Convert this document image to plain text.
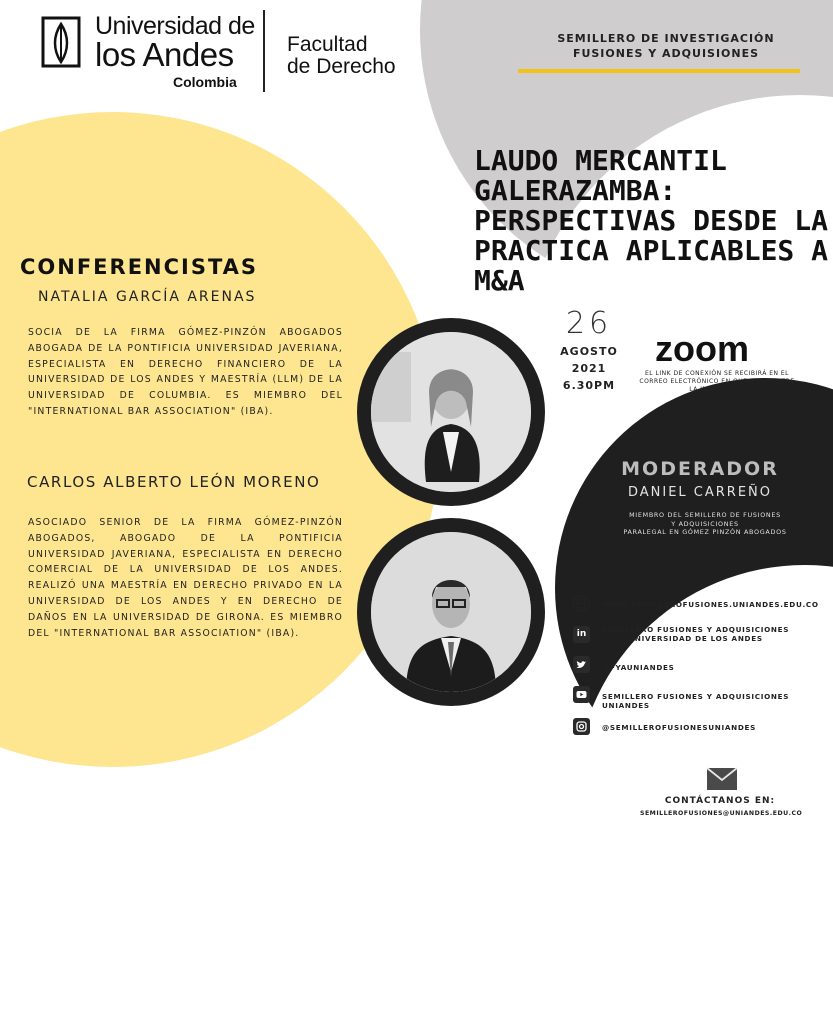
Universidad de
los Andes
Colombia
Facultad
de Derecho
SEMILLERO DE INVESTIGACIÓN
FUSIONES Y ADQUISIONES
LAUDO MERCANTIL
GALERAZAMBA:
PERSPECTIVAS DESDE LA
PRACTICA APLICABLES A
M&A
CONFERENCISTAS
NATALIA GARCÍA ARENAS
SOCIA DE LA FIRMA GÓMEZ-PINZÓN ABOGADOS ABOGADA DE LA PONTIFICIA UNIVERSIDAD JAVERIANA, ESPECIALISTA EN DERECHO FINANCIERO DE LA UNIVERSIDAD DE LOS ANDES Y MAESTRÍA (LLM) DE LA UNIVERSIDAD DE COLUMBIA. ES MIEMBRO DEL "INTERNATIONAL BAR ASSOCIATION" (IBA).
CARLOS ALBERTO LEÓN MORENO
ASOCIADO SENIOR DE LA FIRMA GÓMEZ-PINZÓN ABOGADOS, ABOGADO DE LA PONTIFICIA UNIVERSIDAD JAVERIANA, ESPECIALISTA EN DERECHO COMERCIAL DE LA UNIVERSIDAD DE LOS ANDES. REALIZÓ UNA MAESTRÍA EN DERECHO PRIVADO EN LA UNIVERSIDAD DE LOS ANDES Y EN DERECHO DE DAÑOS EN LA UNIVERSIDAD DE GIRONA. ES MIEMBRO DEL "INTERNATIONAL BAR ASSOCIATION" (IBA).
26
AGOSTO
2021
6.30PM
zoom
EL LINK DE CONEXIÓN SE RECIBIRÁ EN EL CORREO ELECTRÓNICO EN QUE SE REGISTRE LA INSCRIPCIÓN
MODERADOR
DANIEL CARREÑO
MIEMBRO DEL SEMILLERO DE FUSIONES
Y ADQUISICIONES
PARALEGAL EN GÓMEZ PINZÓN ABOGADOS
WWW.SEMILLEROFUSIONES.UNIANDES.EDU.CO
in	SEMILLERO FUSIONES Y ADQUISICIONES
UNIVERSIDAD DE LOS ANDES
@FYAUNIANDES
SEMILLERO FUSIONES Y ADQUISICIONES UNIANDES
@SEMILLEROFUSIONESUNIANDES
CONTÁCTANOS EN:
SEMILLEROFUSIONES@UNIANDES.EDU.CO
